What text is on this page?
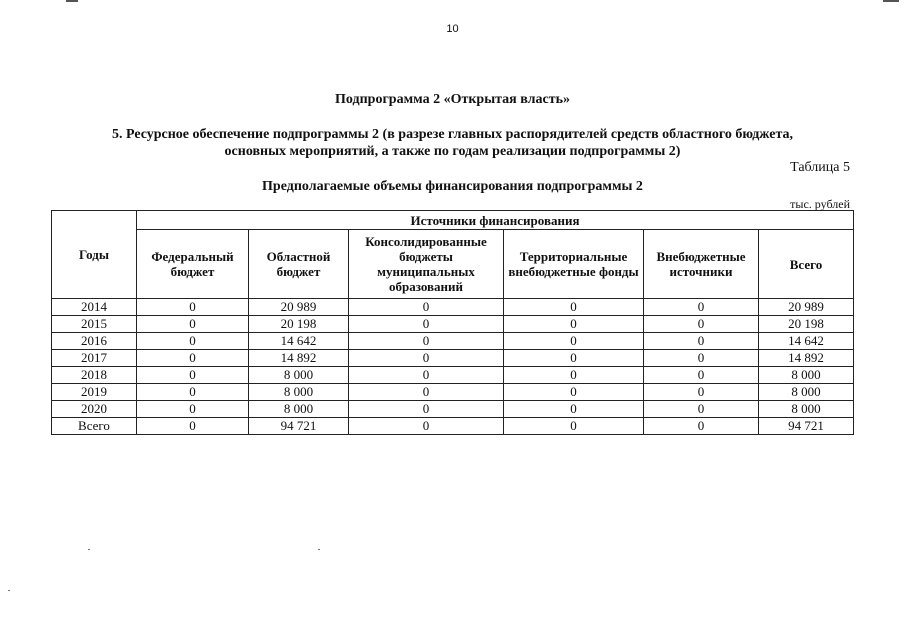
10
Подпрограмма 2 «Открытая власть»
5. Ресурсное обеспечение подпрограммы 2 (в разрезе главных распорядителей средств областного бюджета,
основных мероприятий, а также по годам реализации подпрограммы 2)
Таблица 5
Предполагаемые объемы финансирования подпрограммы 2
тыс. рублей
Годы	Источники финансирования					
	Федеральный бюджет	Областной бюджет	Консолидированные бюджеты муниципальных образований	Территориальные внебюджетные фонды	Внебюджетные источники	Всего
2014	0	20 989	0	0	0	20 989
2015	0	20 198	0	0	0	20 198
2016	0	14 642	0	0	0	14 642
2017	0	14 892	0	0	0	14 892
2018	0	8 000	0	0	0	8 000
2019	0	8 000	0	0	0	8 000
2020	0	8 000	0	0	0	8 000
Всего	0	94 721	0	0	0	94 721
